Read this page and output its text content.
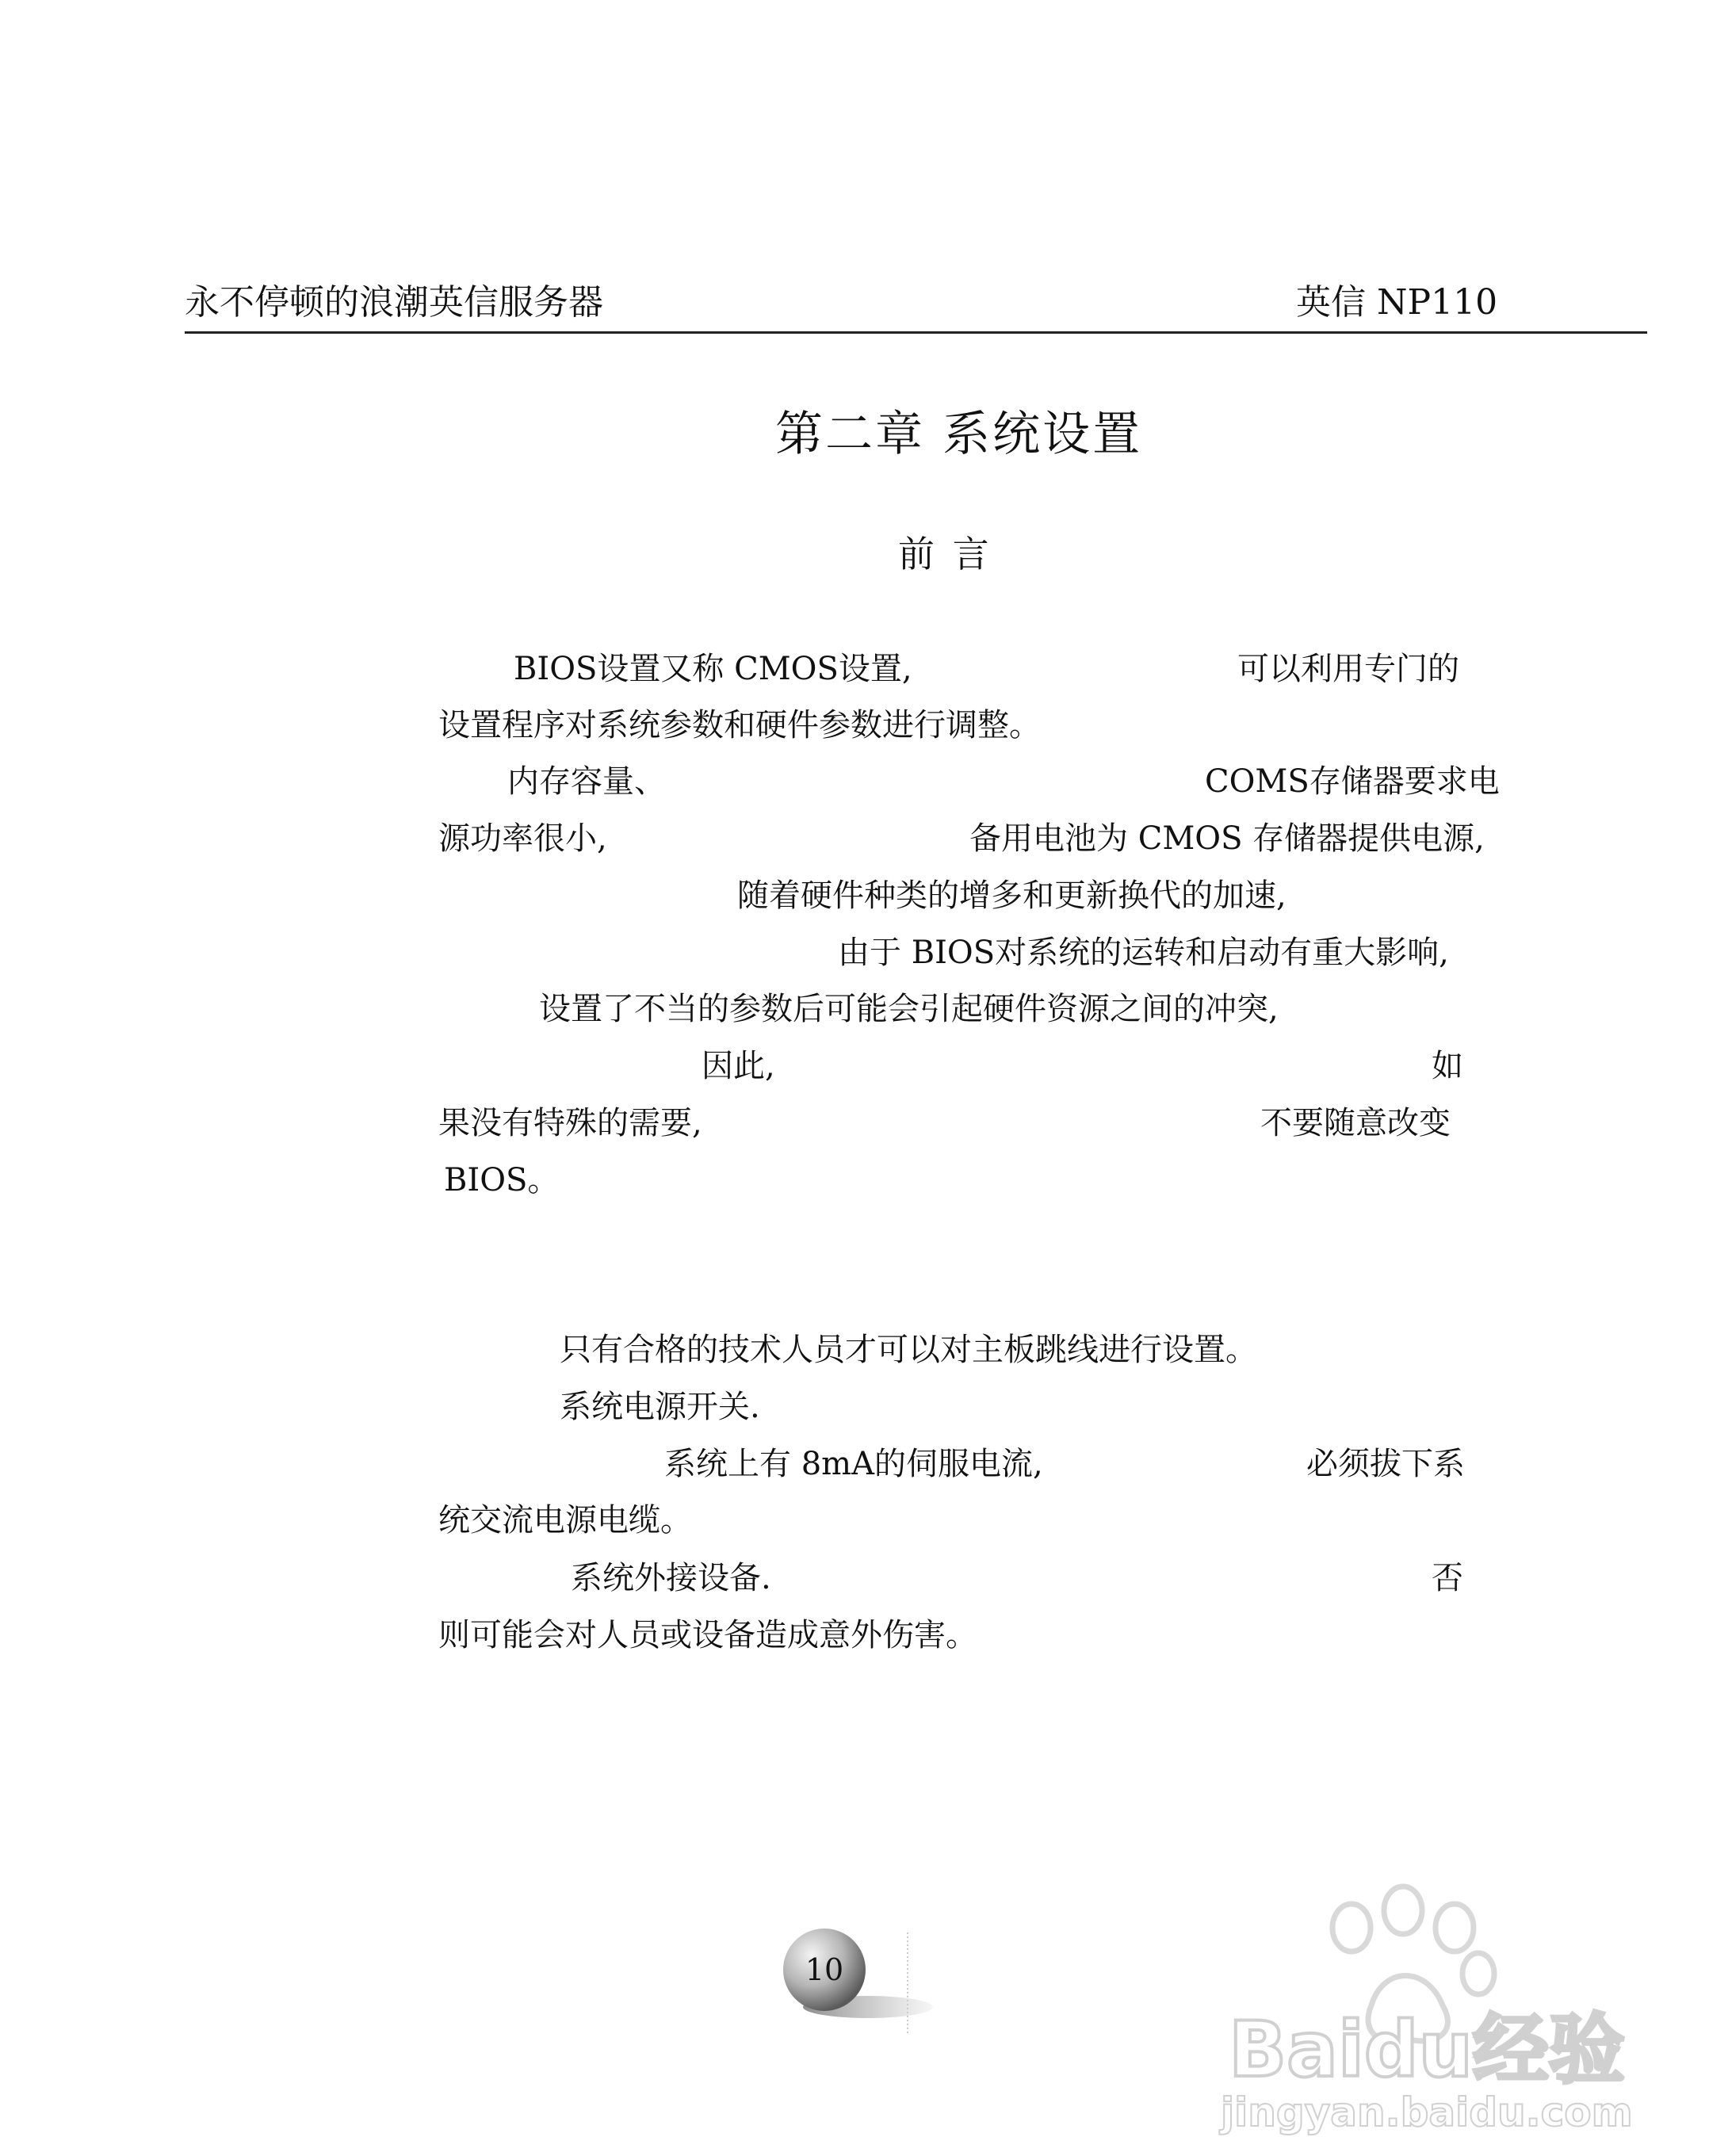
永不停顿的浪潮英信服务器	英信 NP110
第二章 系统设置
前 言
BIOS设置又称 CMOS设置,	可以利用专门的
设置程序对系统参数和硬件参数进行调整。
内存容量、	COMS存储器要求电
源功率很小,	备用电池为 CMOS 存储器提供电源,
随着硬件种类的增多和更新换代的加速,
由于 BIOS对系统的运转和启动有重大影响,
设置了不当的参数后可能会引起硬件资源之间的冲突,
因此,	如
果没有特殊的需要,	不要随意改变
BIOS。
只有合格的技术人员才可以对主板跳线进行设置。
系统电源开关.
系统上有 8mA的伺服电流,	必须拔下系
统交流电源电缆。
系统外接设备.	否
则可能会对人员或设备造成意外伤害。
10
Baidu经验
jingyan.baidu.com
